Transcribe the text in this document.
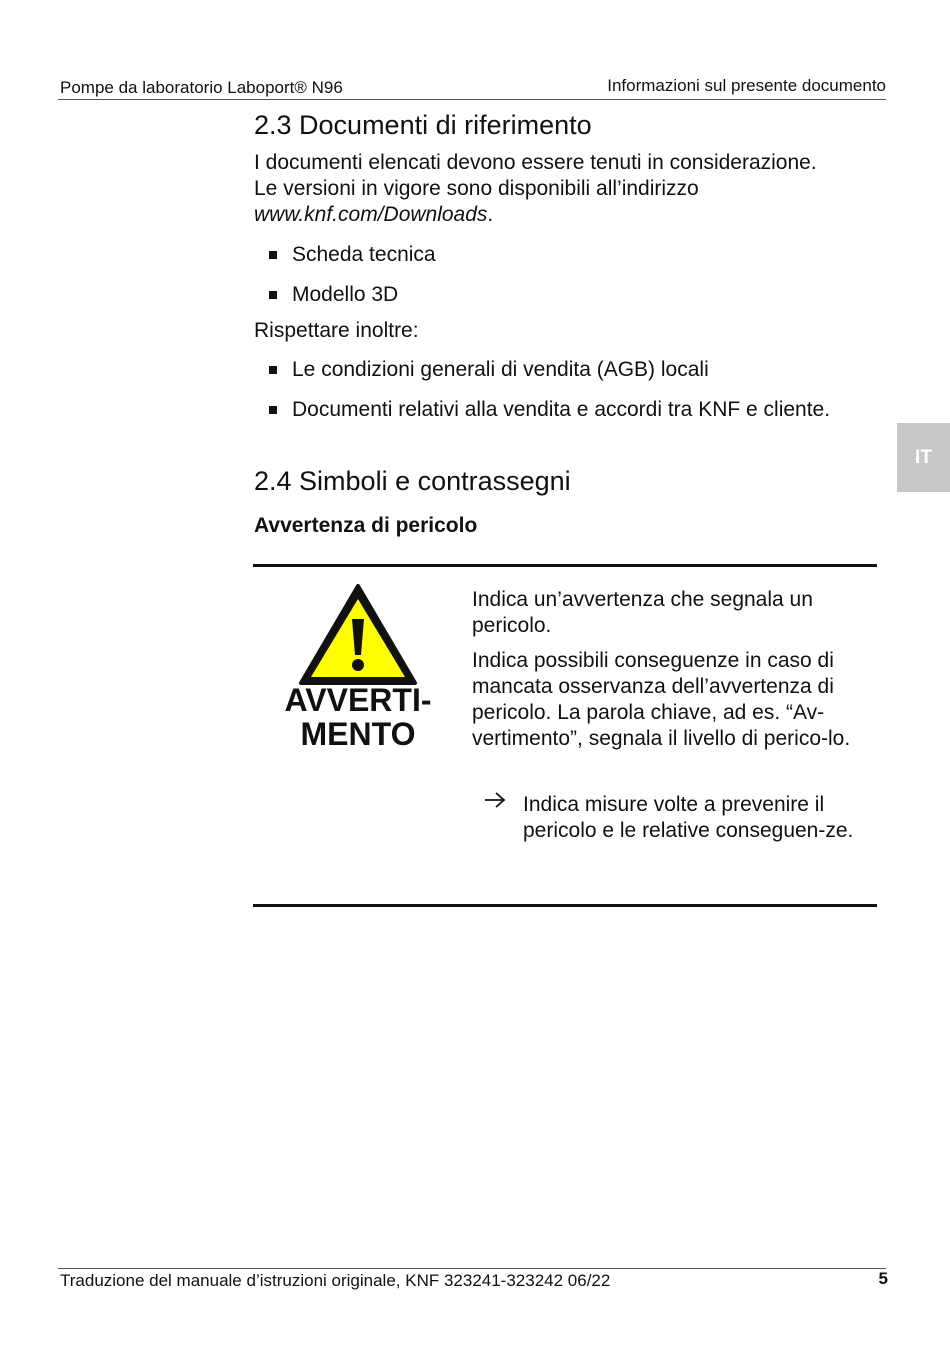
Pompe da laboratorio Laboport® N96	Informazioni sul presente documento
IT
2.3 Documenti di riferimento

I documenti elencati devono essere tenuti in considerazione.

Le versioni in vigore sono disponibili all’indirizzo

www.knf.com/Downloads.

Scheda tecnica
Modello 3D
Rispettare inoltre:
Le condizioni generali di vendita (AGB) locali
Documenti relativi alla vendita e accordi tra KNF e cliente.
2.4 Simboli e contrassegni
Avvertenza di pericolo
AVVERTI-
MENTO
Indica un’avvertenza che segnala un pericolo.
Indica possibili conseguenze in caso di mancata osservanza dell’avvertenza di pericolo. La parola chiave, ad es. “Av-vertimento”, segnala il livello di perico-lo.
Indica misure volte a prevenire il pericolo e le relative conseguen-ze.
Traduzione del manuale d’istruzioni originale, KNF 323241-323242 06/22	5
